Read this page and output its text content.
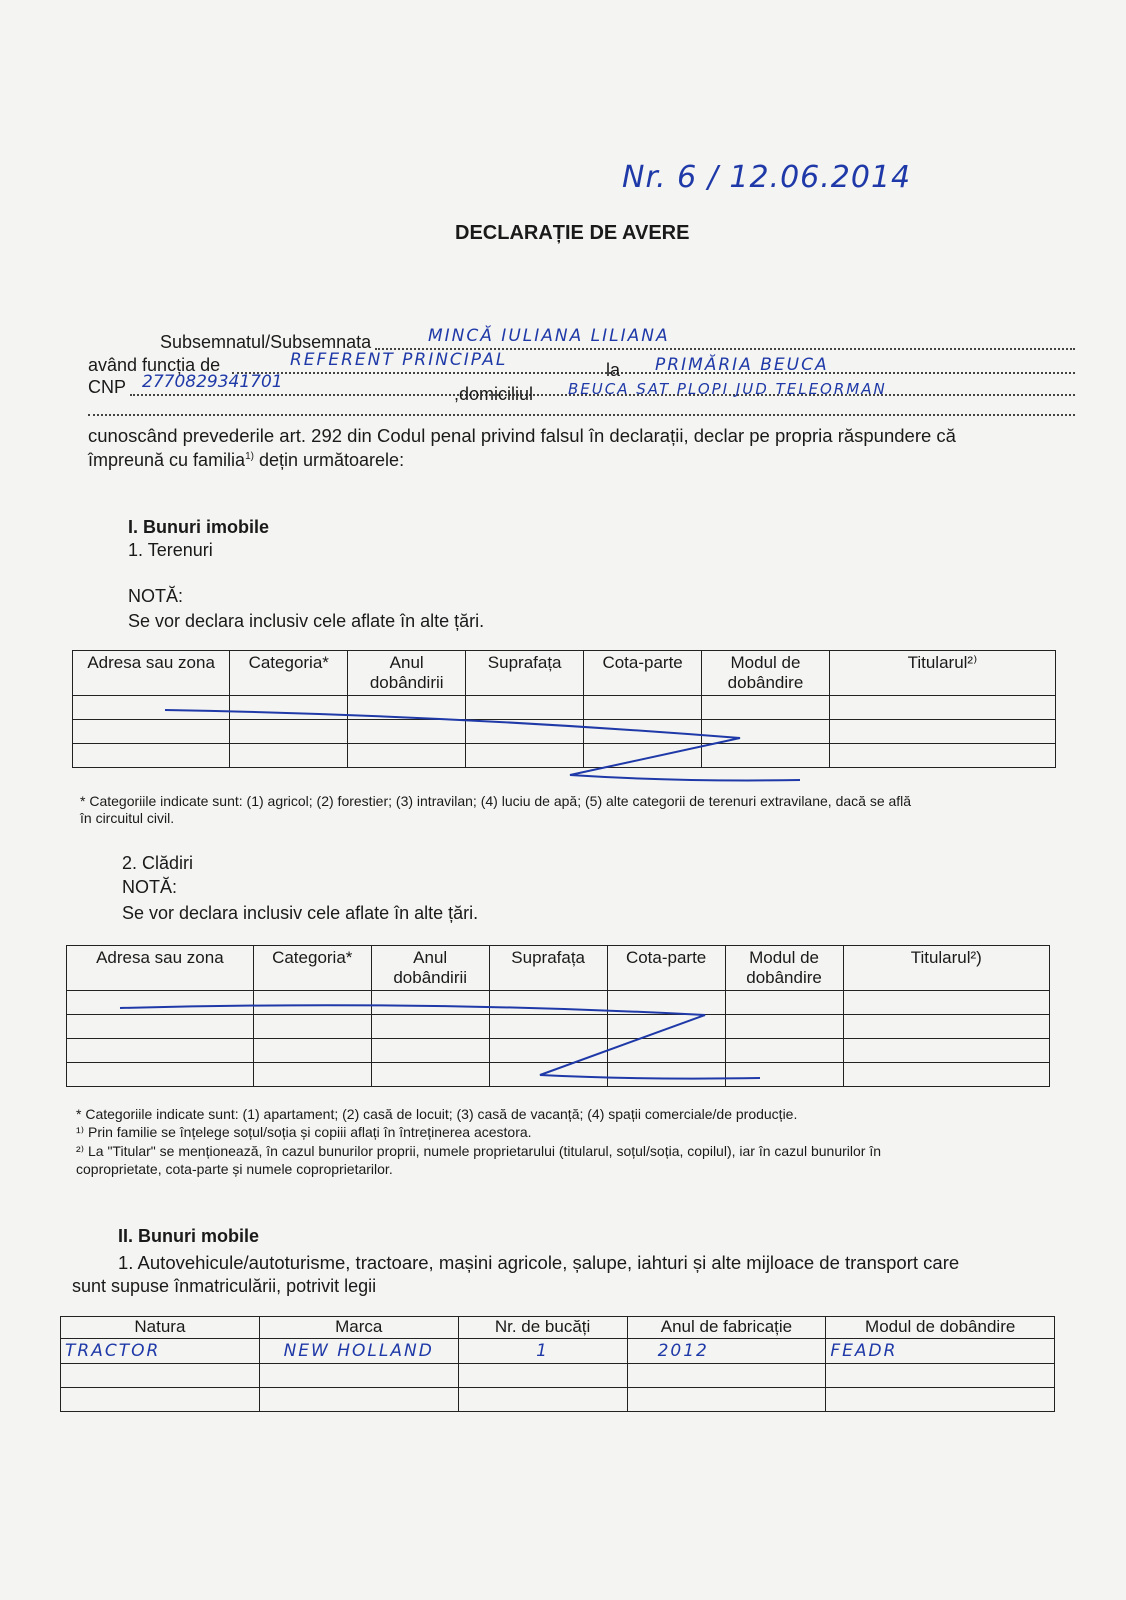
Nr. 6 / 12.06.2014
DECLARAȚIE DE AVERE
Subsemnatul/Subsemnata	MINCĂ IULIANA LILIANA
având funcția de	REFERENT PRINCIPAL	la PRIMĂRIA BEUCA
CNP 2770829341701
,domiciliul BEUCA SAT PLOPI JUD TELEORMAN
cunoscând prevederile art. 292 din Codul penal privind falsul în declarații, declar pe propria răspundere că
împreună cu familia$^{1)}$ dețin următoarele:
I. Bunuri imobile
1. Terenuri
NOTĂ:
Se vor declara inclusiv cele aflate în alte țări.
Adresa sau zona	Categoria*	Anul dobândirii	Suprafața	Cota-parte	Modul de dobândire	Titularul²⁾

* Categoriile indicate sunt: (1) agricol; (2) forestier; (3) intravilan; (4) luciu de apă; (5) alte categorii de terenuri extravilane, dacă se află
în circuitul civil.
2. Clădiri
NOTĂ:
Se vor declara inclusiv cele aflate în alte țări.
Adresa sau zona	Categoria*	Anul dobândirii	Suprafața	Cota-parte	Modul de dobândire	Titularul²)

* Categoriile indicate sunt: (1) apartament; (2) casă de locuit; (3) casă de vacanță; (4) spații comerciale/de producție.
¹⁾ Prin familie se înțelege soțul/soția și copiii aflați în întreținerea acestora.
²⁾ La "Titular" se menționează, în cazul bunurilor proprii, numele proprietarului (titularul, soțul/soția, copilul), iar în cazul bunurilor în
coproprietate, cota-parte și numele coproprietarilor.
II. Bunuri mobile
1. Autovehicule/autoturisme, tractoare, mașini agricole, șalupe, iahturi și alte mijloace de transport care
sunt supuse înmatriculării, potrivit legii
Natura	Marca	Nr. de bucăți	Anul de fabricație	Modul de dobândire
TRACTOR	NEW HOLLAND	1	2012	FEADR
